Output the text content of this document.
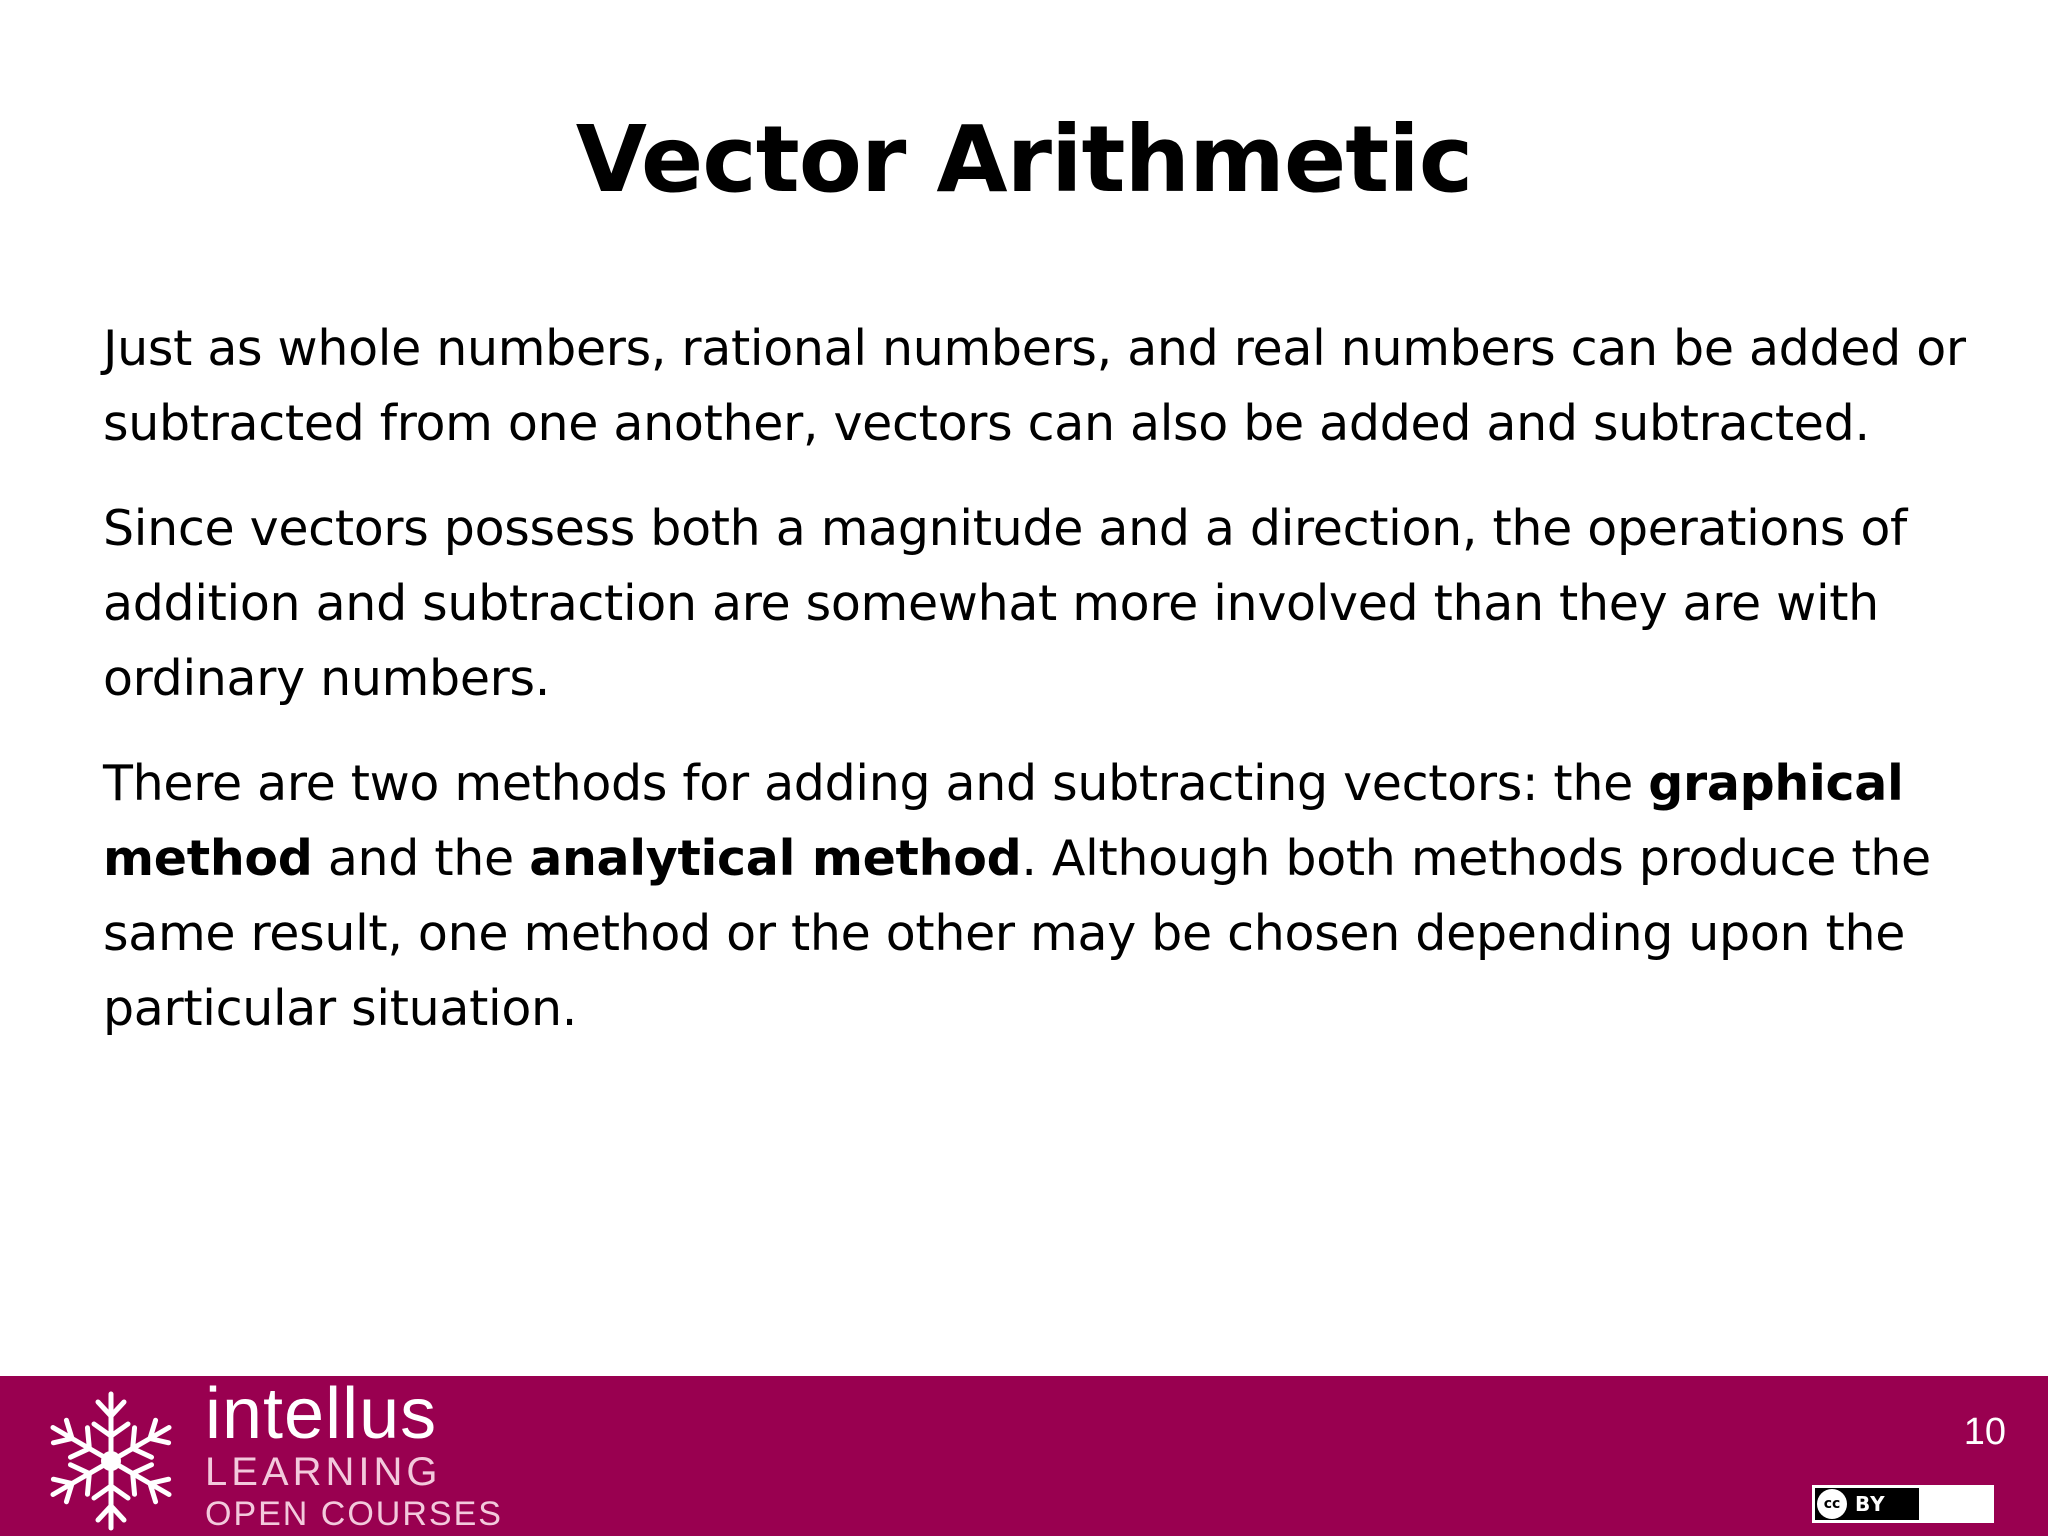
Vector Arithmetic

Just as whole numbers, rational numbers, and real numbers can be added or subtracted from one another, vectors can also be added and subtracted.

Since vectors possess both a magnitude and a direction, the operations of addition and subtraction are somewhat more involved than they are with ordinary numbers.

There are two methods for adding and subtracting vectors: the graphical method and the analytical method. Although both methods produce the same result, one method or the other may be chosen depending upon the particular situation.

intellus
LEARNING
OPEN COURSES
10
cc BY
